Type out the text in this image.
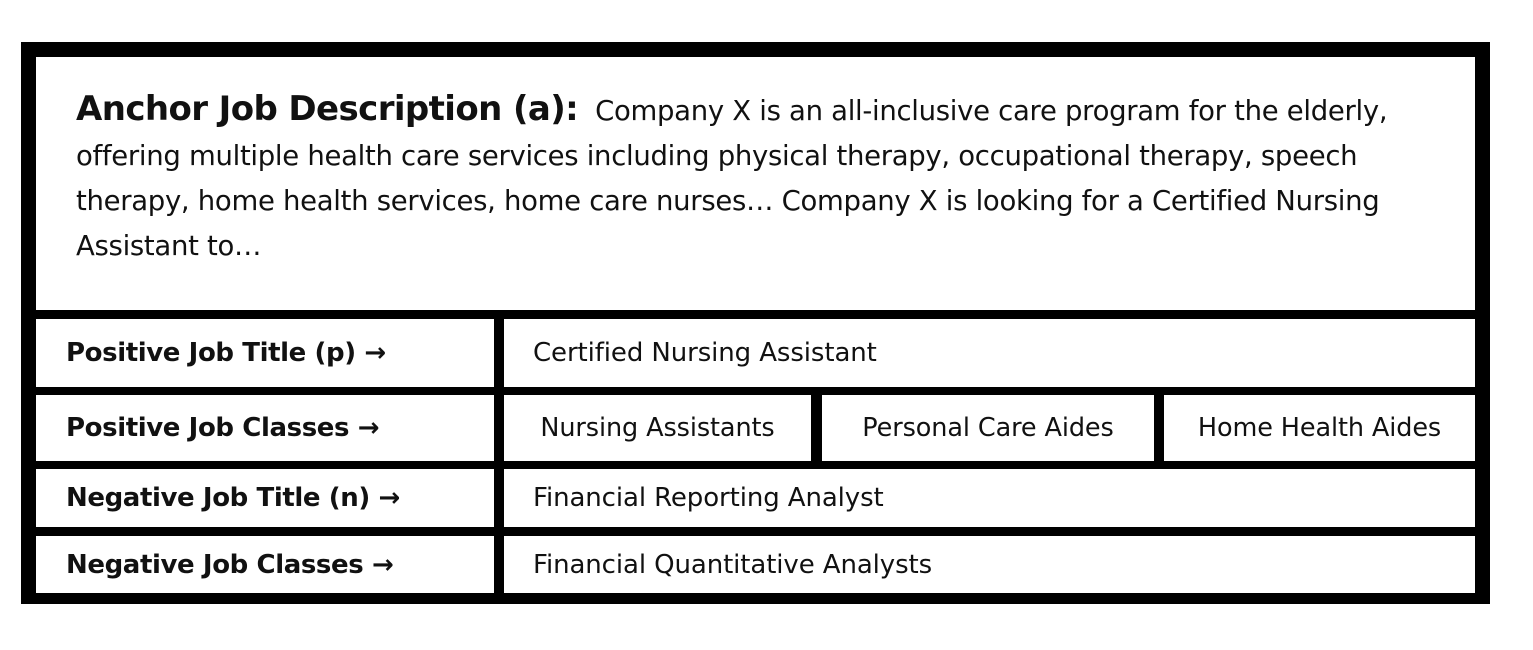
Anchor Job Description (a): Company X is an all-inclusive care program for the elderly, offering multiple health care services including physical therapy, occupational therapy, speech therapy, home health services, home care nurses… Company X is looking for a Certified Nursing Assistant to…

Positive Job Title (p) →	Certified Nursing Assistant
Positive Job Classes →	Nursing Assistants	Personal Care Aides	Home Health Aides
Negative Job Title (n) →	Financial Reporting Analyst
Negative Job Classes →	Financial Quantitative Analysts
